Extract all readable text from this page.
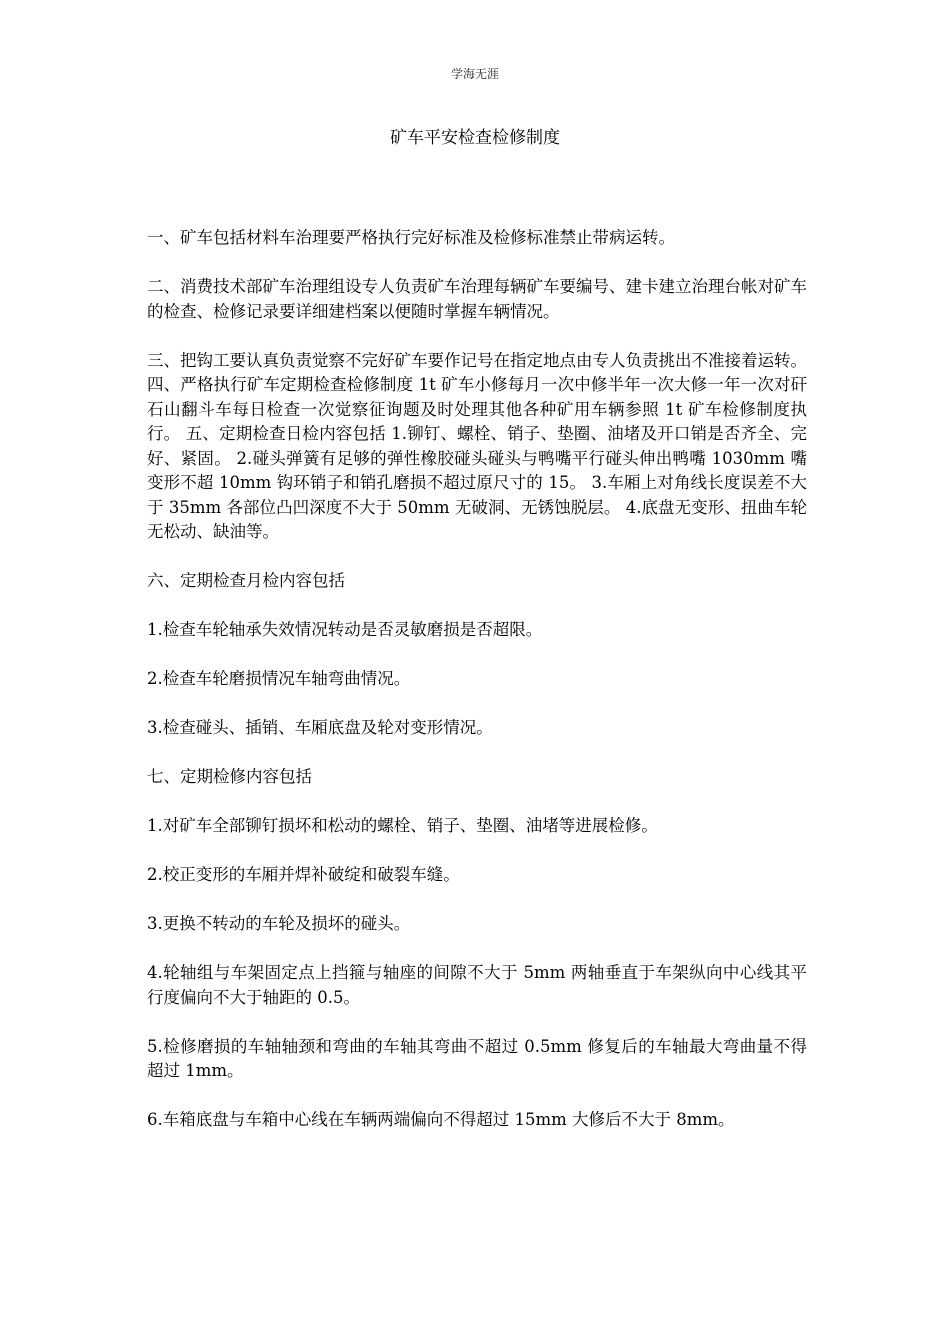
学海无涯
矿车平安检查检修制度

一、矿车包括材料车治理要严格执行完好标准及检修标准禁止带病运转。

二、消费技术部矿车治理组设专人负责矿车治理每辆矿车要编号、建卡建立治理台帐对矿车的检查、检修记录要详细建档案以便随时掌握车辆情况。

三、把钩工要认真负责觉察不完好矿车要作记号在指定地点由专人负责挑出不准接着运转。 四、严格执行矿车定期检查检修制度 1t 矿车小修每月一次中修半年一次大修一年一次对矸石山翻斗车每日检查一次觉察征询题及时处理其他各种矿用车辆参照 1t 矿车检修制度执行。 五、定期检查日检内容包括 1.铆钉、螺栓、销子、垫圈、油堵及开口销是否齐全、完好、紧固。 2.碰头弹簧有足够的弹性橡胶碰头碰头与鸭嘴平行碰头伸出鸭嘴 1030mm 嘴变形不超 10mm 钩环销子和销孔磨损不超过原尺寸的 15。 3.车厢上对角线长度误差不大于 35mm 各部位凸凹深度不大于 50mm 无破洞、无锈蚀脱层。 4.底盘无变形、扭曲车轮无松动、缺油等。

六、定期检查月检内容包括

1.检查车轮轴承失效情况转动是否灵敏磨损是否超限。

2.检查车轮磨损情况车轴弯曲情况。

3.检查碰头、插销、车厢底盘及轮对变形情况。

七、定期检修内容包括

1.对矿车全部铆钉损坏和松动的螺栓、销子、垫圈、油堵等进展检修。

2.校正变形的车厢并焊补破绽和破裂车缝。

3.更换不转动的车轮及损坏的碰头。

4.轮轴组与车架固定点上挡箍与轴座的间隙不大于 5mm 两轴垂直于车架纵向中心线其平行度偏向不大于轴距的 0.5。

5.检修磨损的车轴轴颈和弯曲的车轴其弯曲不超过 0.5mm 修复后的车轴最大弯曲量不得超过 1mm。

6.车箱底盘与车箱中心线在车辆两端偏向不得超过 15mm 大修后不大于 8mm。
